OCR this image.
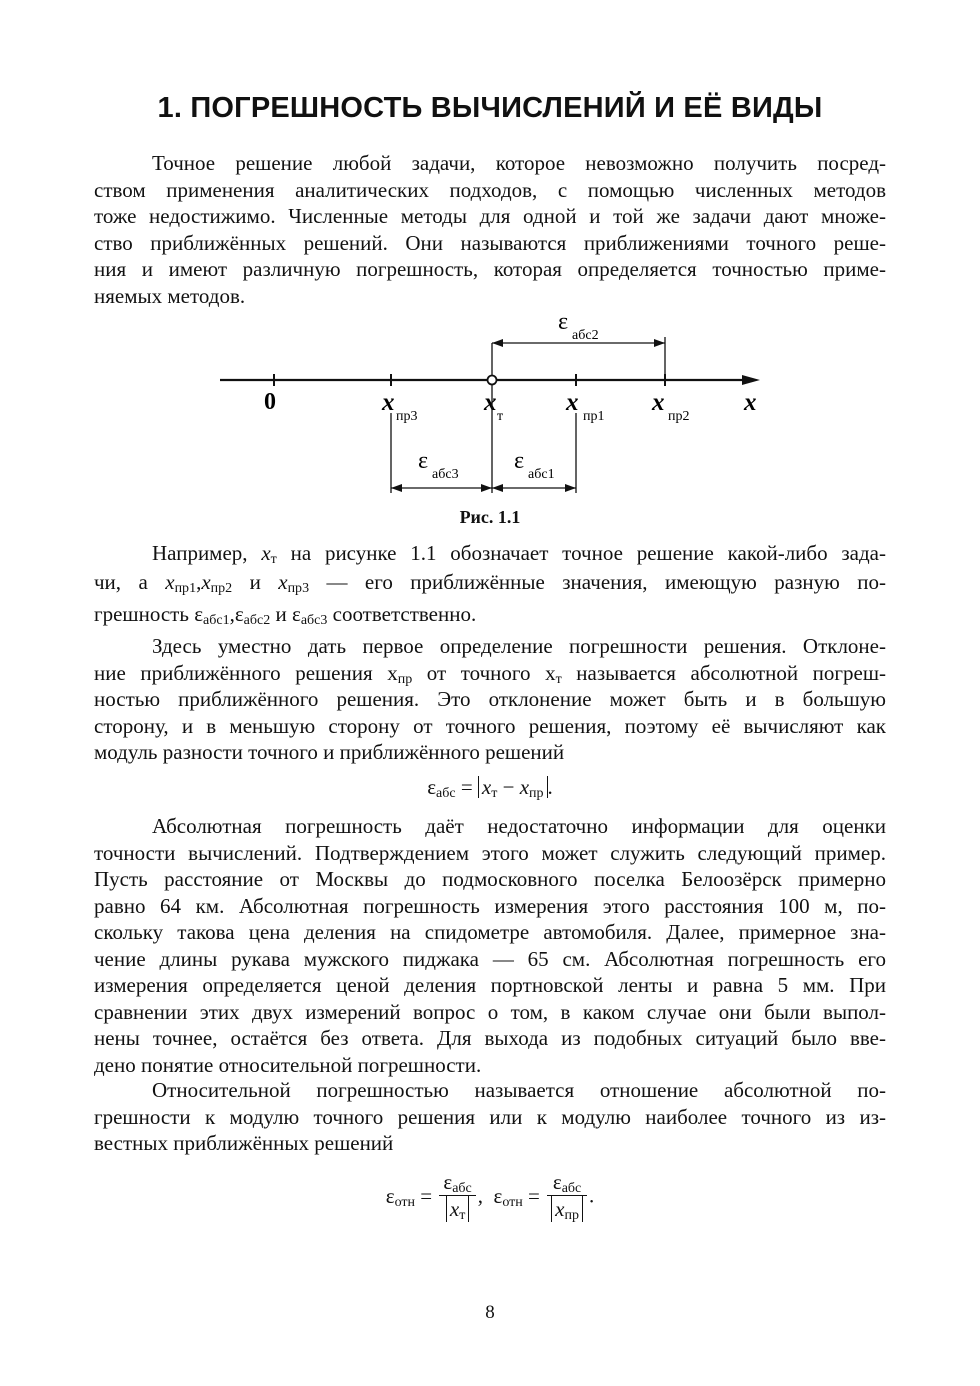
1. ПОГРЕШНОСТЬ ВЫЧИСЛЕНИЙ И ЕЁ ВИДЫ
Точное решение любой задачи, которое невозможно получить посред-
ством применения аналитических подходов, с помощью численных методов
тоже недостижимо. Численные методы для одной и той же задачи дают множе-
ство приближённых решений. Они называются приближениями точного реше-
ния и имеют различную погрешность, которая определяется точностью приме-
няемых методов.
ε
абс2
0	x
пр3
x
т
x
пр1
x
пр2
x
ε
абс3
ε
абс1
Рис. 1.1
Например, $x_т$ на рисунке 1.1 обозначает точное решение какой-либо зада-
чи, а $x_{пр1},x_{пр2}$ и $x_{пр3}$ — его приближённые значения, имеющую разную по-
грешность $\varepsilon_{абс1},\varepsilon_{абс2}$ и $\varepsilon_{абс3}$ соответственно.
Здесь уместно дать первое определение погрешности решения. Отклоне-
ние приближённого решения $x_{пр}$ от точного $x_т$ называется абсолютной погреш-
ностью приближённого решения. Это отклонение может быть и в большую
сторону, и в меньшую сторону от точного решения, поэтому её вычисляют как
модуль разности точного и приближённого решений
$\varepsilon_{абс} = x_т - x_{пр}$ .
Абсолютная погрешность даёт недостаточно информации для оценки
точности вычислений. Подтверждением этого может служить следующий пример.
Пусть расстояние от Москвы до подмосковного поселка Белоозёрск примерно
равно 64 км. Абсолютная погрешность измерения этого расстояния 100 м, по-
скольку такова цена деления на спидометре автомобиля. Далее, примерное зна-
чение длины рукава мужского пиджака — 65 см. Абсолютная погрешность его
измерения определяется ценой деления портновской ленты и равна 5 мм. При
сравнении этих двух измерений вопрос о том, в каком случае они были выпол-
нены точнее, остаётся без ответа. Для выхода из подобных ситуаций было вве-
дено понятие относительной погрешности.
Относительной погрешностью называется отношение абсолютной по-
грешности к модулю точного решения или к модулю наиболее точного из из-
вестных приближённых решений
$\varepsilon_{отн} = \frac{\varepsilon_{абс}}{x_т}$ , $\varepsilon_{отн} = \frac{\varepsilon_{абс}}{x_{пр}}$ .
8
